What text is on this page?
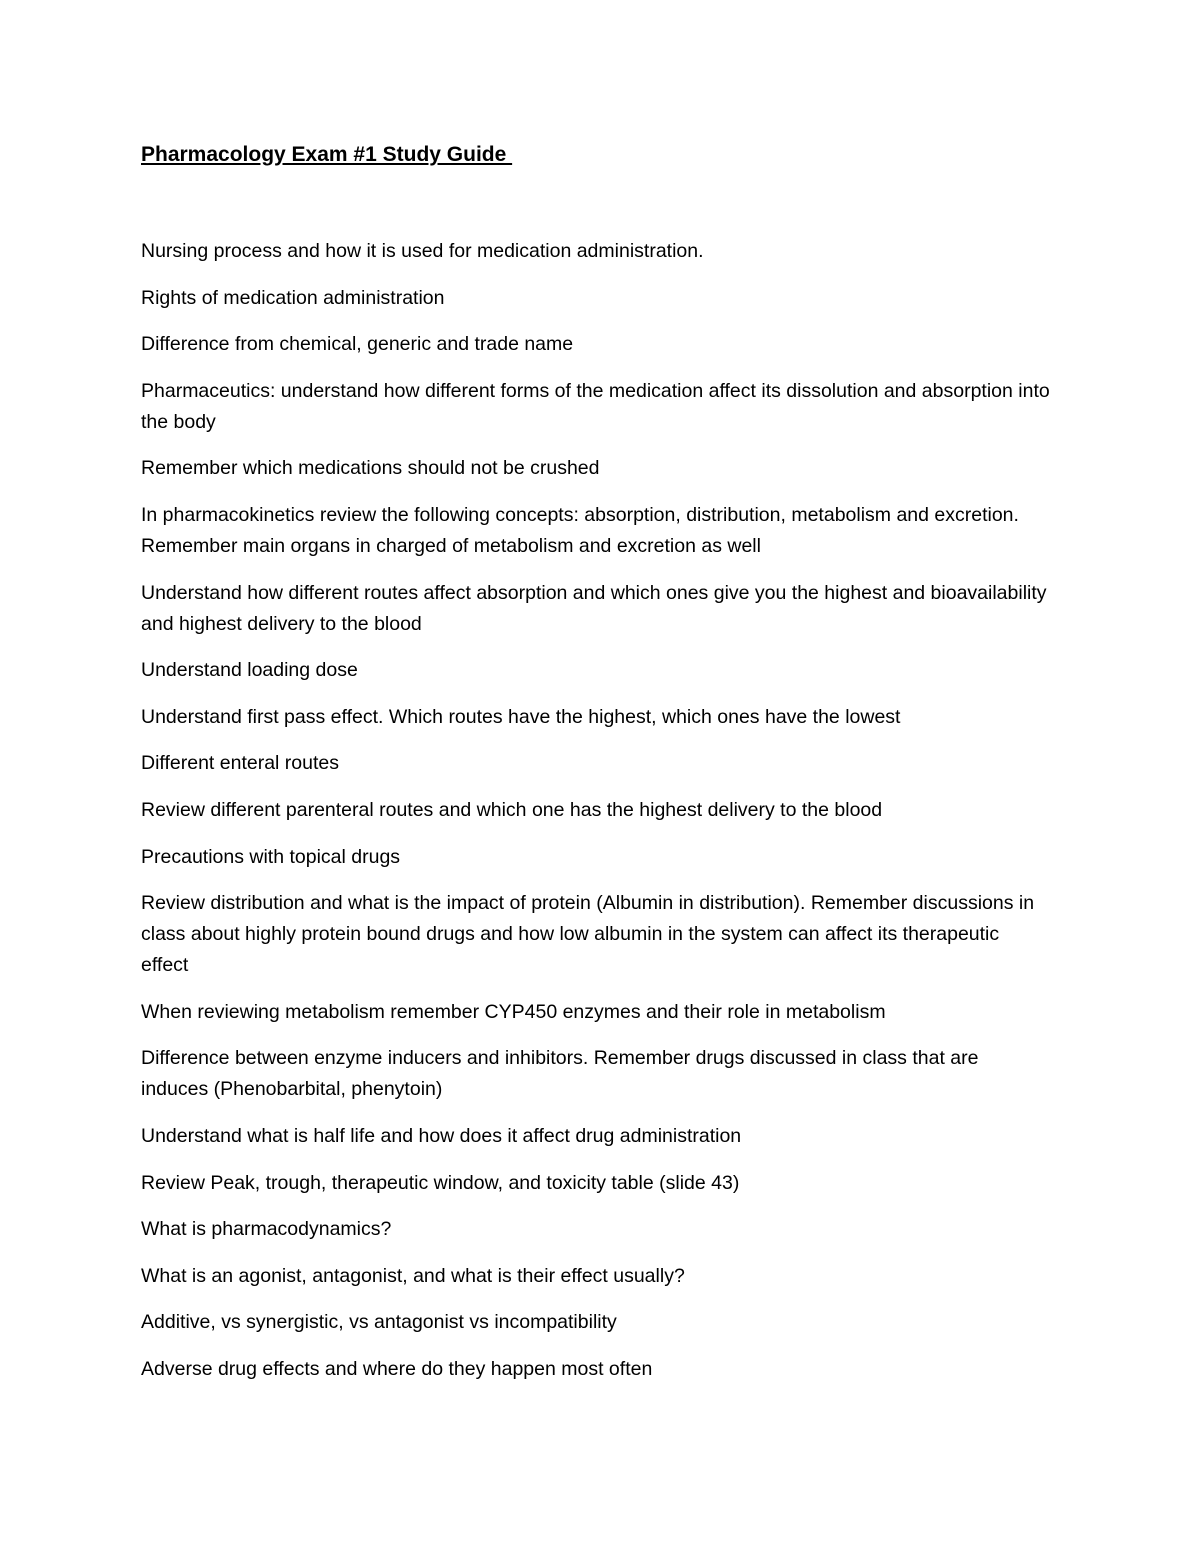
Pharmacology Exam #1 Study Guide
Nursing process and how it is used for medication administration.
Rights of medication administration
Difference from chemical, generic and trade name
Pharmaceutics: understand how different forms of the medication affect its dissolution and absorption into the body
Remember which medications should not be crushed
In pharmacokinetics review the following concepts: absorption, distribution, metabolism and excretion. Remember main organs in charged of metabolism and excretion as well
Understand how different routes affect absorption and which ones give you the highest and bioavailability and highest delivery to the blood
Understand loading dose
Understand first pass effect. Which routes have the highest, which ones have the lowest
Different enteral routes
Review different parenteral routes and which one has the highest delivery to the blood
Precautions with topical drugs
Review distribution and what is the impact of protein (Albumin in distribution). Remember discussions in class about highly protein bound drugs and how low albumin in the system can affect its therapeutic effect
When reviewing metabolism remember CYP450 enzymes and their role in metabolism
Difference between enzyme inducers and inhibitors. Remember drugs discussed in class that are induces (Phenobarbital, phenytoin)
Understand what is half life and how does it affect drug administration
Review Peak, trough, therapeutic window, and toxicity table (slide 43)
What is pharmacodynamics?
What is an agonist, antagonist, and what is their effect usually?
Additive, vs synergistic, vs antagonist vs incompatibility
Adverse drug effects and where do they happen most often
